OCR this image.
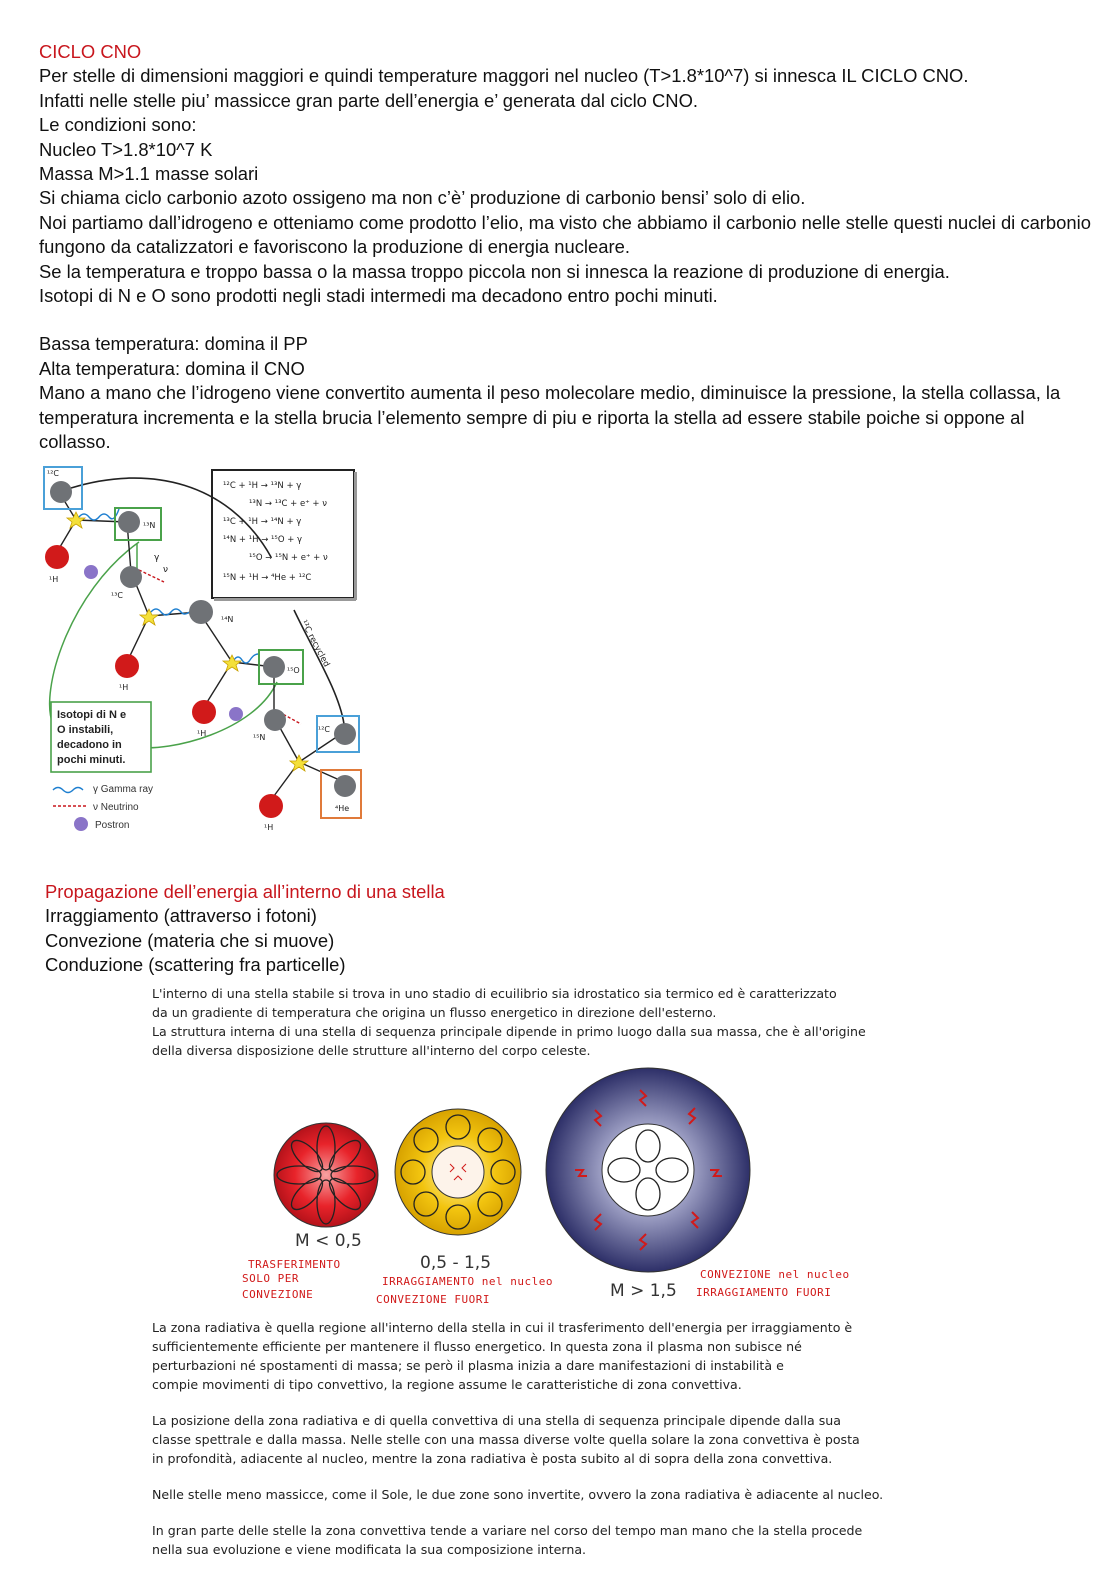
CICLO CNO

Per stelle di dimensioni maggiori e quindi temperature maggori nel nucleo (T>1.8*10^7) si innesca IL CICLO CNO.

Infatti nelle stelle piu’ massicce gran parte dell’energia e’ generata dal ciclo CNO.

Le condizioni sono:

Nucleo T>1.8*10^7 K

Massa M>1.1 masse solari

Si chiama ciclo carbonio azoto ossigeno ma non c’è’ produzione di carbonio bensi’ solo di elio.

Noi partiamo dall’idrogeno e otteniamo come prodotto l’elio, ma visto che abbiamo il carbonio nelle stelle questi nuclei di carbonio fungono da catalizzatori e favoriscono la produzione di energia nucleare.

Se la temperatura e troppo bassa o la massa troppo piccola non si innesca la reazione di produzione di energia.

Isotopi di N e O sono prodotti negli stadi intermedi ma decadono entro pochi minuti.

Bassa temperatura: domina il PP

Alta temperatura: domina il CNO

Mano a mano che l’idrogeno viene convertito aumenta il peso molecolare medio, diminuisce la pressione, la stella collassa, la temperatura incrementa e la stella brucia l’elemento sempre di piu e riporta la stella ad essere stabile poiche si oppone al collasso.

¹²C + ¹H → ¹³N + γ
¹³N → ¹³C + e⁺ + ν
¹³C + ¹H → ¹⁴N + γ
¹⁴N + ¹H → ¹⁵O + γ
¹⁵O → ¹⁵N + e⁺ + ν
¹⁵N + ¹H → ⁴He + ¹²C
¹²C recycled
¹²C
¹³N
¹H
¹³C
γ
ν
¹⁴N
¹H
¹⁵O
¹H	¹⁵N
¹²C
⁴He
¹H
Isotopi di N e
O instabili,
decadono in
pochi minuti.
γ Gamma ray
ν Neutrino
Postron

Propagazione dell’energia all’interno di una stella

Irraggiamento (attraverso i fotoni)

Convezione (materia che si muove)

Conduzione (scattering fra particelle)

L'interno di una stella stabile si trova in uno stadio di ecuilibrio sia idrostatico sia termico ed è caratterizzato

da un gradiente di temperatura che origina un flusso energetico in direzione dell'esterno.

La struttura interna di una stella di sequenza principale dipende in primo luogo dalla sua massa, che è all'origine

della diversa disposizione delle strutture all'interno del corpo celeste.

M < 0,5
0,5 - 1,5
M > 1,5
TRASFERIMENTO
SOLO PER
CONVEZIONE
IRRAGGIAMENTO nel nucleo
CONVEZIONE FUORI
CONVEZIONE nel nucleo
IRRAGGIAMENTO FUORI

La zona radiativa è quella regione all'interno della stella in cui il trasferimento dell'energia per irraggiamento è

sufficientemente efficiente per mantenere il flusso energetico. In questa zona il plasma non subisce né

perturbazioni né spostamenti di massa; se però il plasma inizia a dare manifestazioni di instabilità e

compie movimenti di tipo convettivo, la regione assume le caratteristiche di zona convettiva.

La posizione della zona radiativa e di quella convettiva di una stella di sequenza principale dipende dalla sua

classe spettrale e dalla massa. Nelle stelle con una massa diverse volte quella solare la zona convettiva è posta

in profondità, adiacente al nucleo, mentre la zona radiativa è posta subito al di sopra della zona convettiva.

Nelle stelle meno massicce, come il Sole, le due zone sono invertite, ovvero la zona radiativa è adiacente al nucleo.

In gran parte delle stelle la zona convettiva tende a variare nel corso del tempo man mano che la stella procede

nella sua evoluzione e viene modificata la sua composizione interna.
